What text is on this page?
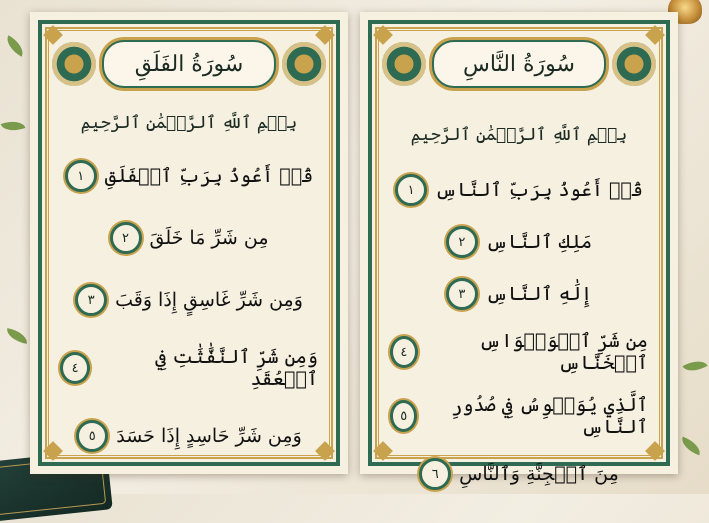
سُورَةُ الفَلَقِ
بِسۡمِ ٱللَّهِ ٱلرَّحۡمَٰنِ ٱلرَّحِيمِ
١	قُلۡ أَعُوذُ بِرَبِّ ٱلۡفَلَقِ
٢	مِن شَرِّ مَا خَلَقَ
٣	وَمِن شَرِّ غَاسِقٍ إِذَا وَقَبَ
٤	وَمِن شَرِّ ٱلنَّفَّٰثَٰتِ فِي ٱلۡعُقَدِ
٥	وَمِن شَرِّ حَاسِدٍ إِذَا حَسَدَ
سُورَةُ النَّاسِ
بِسۡمِ ٱللَّهِ ٱلرَّحۡمَٰنِ ٱلرَّحِيمِ
١	قُلۡ أَعُوذُ بِرَبِّ ٱلنَّاسِ
٢	مَلِكِ ٱلنَّاسِ
٣	إِلَٰهِ ٱلنَّاسِ
٤	مِن شَرِّ ٱلۡوَسۡوَاسِ ٱلۡخَنَّاسِ
٥	ٱلَّذِي يُوَسۡوِسُ فِي صُدُورِ ٱلنَّاسِ
٦	مِنَ ٱلۡجِنَّةِ وَٱلنَّاسِ
